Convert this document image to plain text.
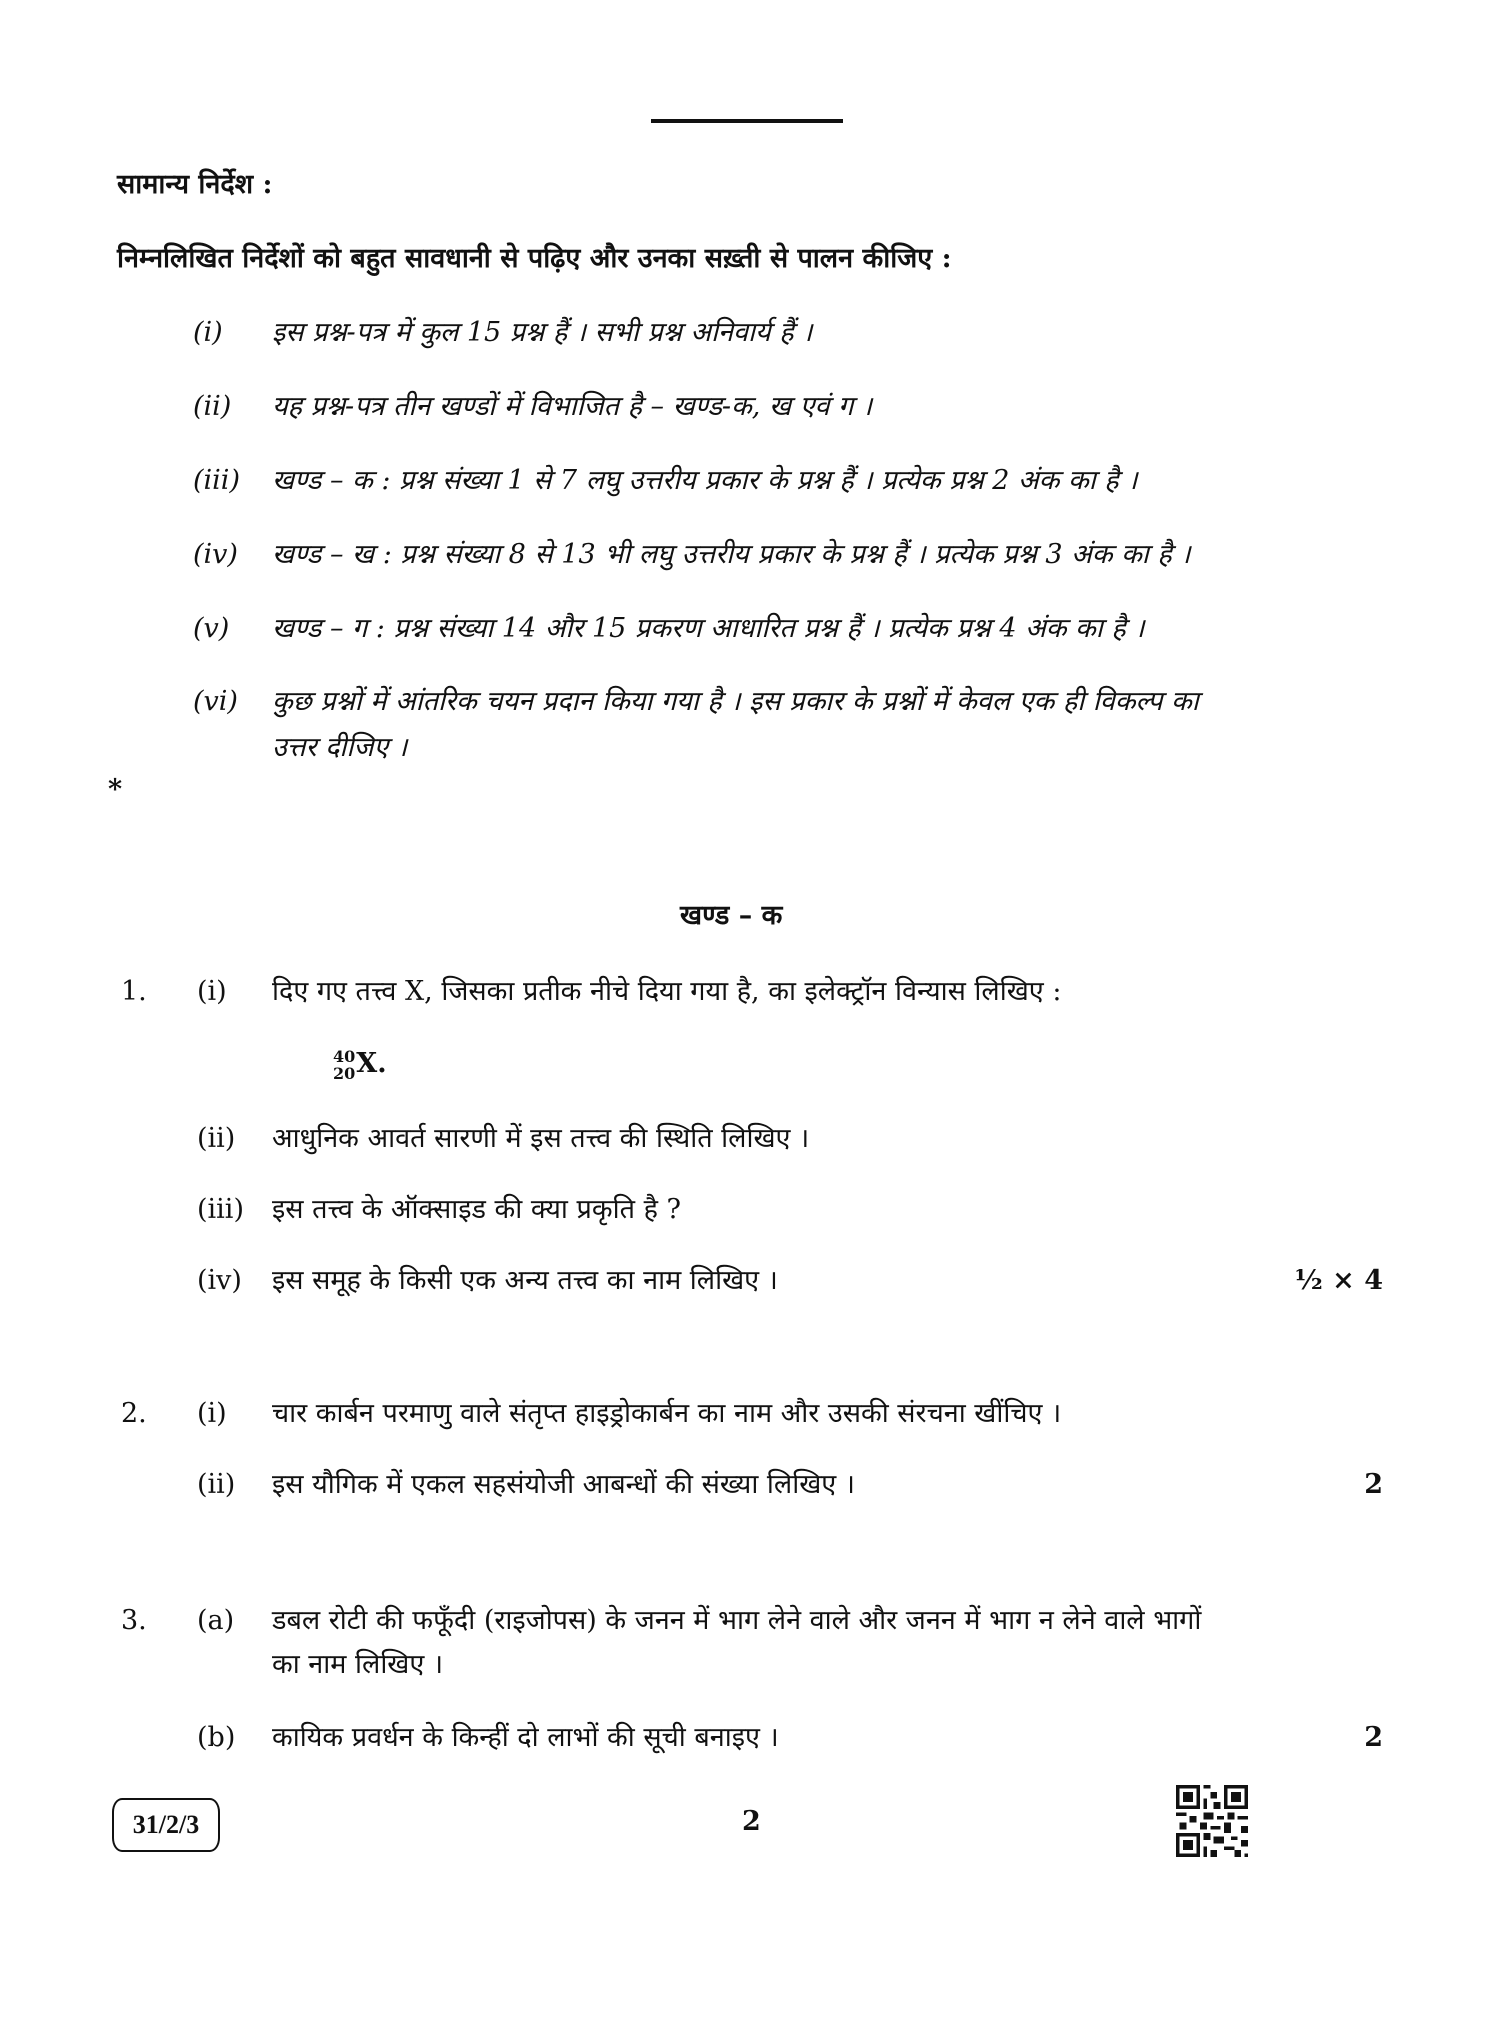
सामान्य निर्देश :
निम्नलिखित निर्देशों को बहुत सावधानी से पढ़िए और उनका सख़्ती से पालन कीजिए :
(i) इस प्रश्न-पत्र में कुल 15 प्रश्न हैं । सभी प्रश्न अनिवार्य हैं ।
(ii) यह प्रश्न-पत्र तीन खण्डों में विभाजित है – खण्ड-क, ख एवं ग ।
(iii) खण्ड – क : प्रश्न संख्या 1 से 7 लघु उत्तरीय प्रकार के प्रश्न हैं । प्रत्येक प्रश्न 2 अंक का है ।
(iv) खण्ड – ख : प्रश्न संख्या 8 से 13 भी लघु उत्तरीय प्रकार के प्रश्न हैं । प्रत्येक प्रश्न 3 अंक का है ।
(v) खण्ड – ग : प्रश्न संख्या 14 और 15 प्रकरण आधारित प्रश्न हैं । प्रत्येक प्रश्न 4 अंक का है ।
(vi) कुछ प्रश्नों में आंतरिक चयन प्रदान किया गया है । इस प्रकार के प्रश्नों में केवल एक ही विकल्प का
उत्तर दीजिए ।
*
खण्ड – क
1. (i) दिए गए तत्त्व X, जिसका प्रतीक नीचे दिया गया है, का इलेक्ट्रॉन विन्यास लिखिए :
40
20 X.
(ii) आधुनिक आवर्त सारणी में इस तत्त्व की स्थिति लिखिए ।
(iii) इस तत्त्व के ऑक्साइड की क्या प्रकृति है ?
(iv) इस समूह के किसी एक अन्य तत्त्व का नाम लिखिए ।	½ × 4
2. (i) चार कार्बन परमाणु वाले संतृप्त हाइड्रोकार्बन का नाम और उसकी संरचना खींचिए ।
(ii) इस यौगिक में एकल सहसंयोजी आबन्धों की संख्या लिखिए ।	2
3. (a) डबल रोटी की फफूँदी (राइजोपस) के जनन में भाग लेने वाले और जनन में भाग न लेने वाले भागों
का नाम लिखिए ।
(b) कायिक प्रवर्धन के किन्हीं दो लाभों की सूची बनाइए ।	2
31/2/3	2
